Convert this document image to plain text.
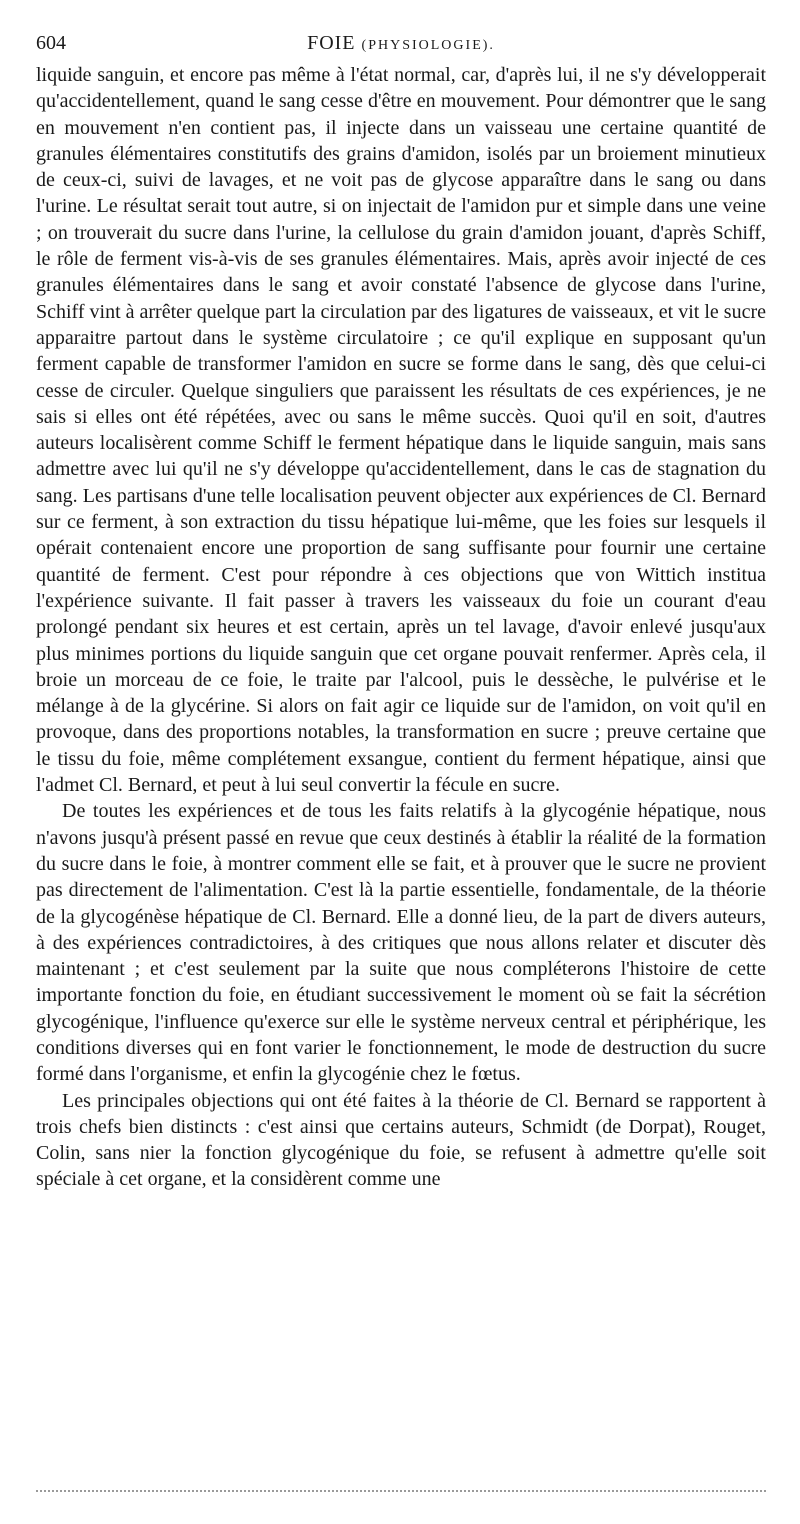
604	FOIE (PHYSIOLOGIE).

liquide sanguin, et encore pas même à l'état normal, car, d'après lui, il ne s'y développerait qu'accidentellement, quand le sang cesse d'être en mouvement. Pour démontrer que le sang en mouvement n'en contient pas, il injecte dans un vaisseau une certaine quantité de granules élémentaires constitutifs des grains d'amidon, isolés par un broiement minutieux de ceux-ci, suivi de lavages, et ne voit pas de glycose apparaître dans le sang ou dans l'urine. Le résultat serait tout autre, si on injectait de l'amidon pur et simple dans une veine ; on trouverait du sucre dans l'urine, la cellulose du grain d'amidon jouant, d'après Schiff, le rôle de ferment vis-à-vis de ses granules élémentaires. Mais, après avoir injecté de ces granules élémentaires dans le sang et avoir constaté l'absence de glycose dans l'urine, Schiff vint à arrêter quelque part la circulation par des ligatures de vaisseaux, et vit le sucre apparaitre partout dans le système circulatoire ; ce qu'il explique en supposant qu'un ferment capable de transformer l'amidon en sucre se forme dans le sang, dès que celui-ci cesse de circuler. Quelque singuliers que paraissent les résultats de ces expériences, je ne sais si elles ont été répétées, avec ou sans le même succès. Quoi qu'il en soit, d'autres auteurs localisèrent comme Schiff le ferment hépatique dans le liquide sanguin, mais sans admettre avec lui qu'il ne s'y développe qu'accidentellement, dans le cas de stagnation du sang. Les partisans d'une telle localisation peuvent objecter aux expériences de Cl. Bernard sur ce ferment, à son extraction du tissu hépatique lui-même, que les foies sur lesquels il opérait contenaient encore une proportion de sang suffisante pour fournir une certaine quantité de ferment. C'est pour répondre à ces objections que von Wittich institua l'expérience suivante. Il fait passer à travers les vaisseaux du foie un courant d'eau prolongé pendant six heures et est certain, après un tel lavage, d'avoir enlevé jusqu'aux plus minimes portions du liquide sanguin que cet organe pouvait renfermer. Après cela, il broie un morceau de ce foie, le traite par l'alcool, puis le dessèche, le pulvérise et le mélange à de la glycérine. Si alors on fait agir ce liquide sur de l'amidon, on voit qu'il en provoque, dans des proportions notables, la transformation en sucre ; preuve certaine que le tissu du foie, même complétement exsangue, contient du ferment hépatique, ainsi que l'admet Cl. Bernard, et peut à lui seul convertir la fécule en sucre.

De toutes les expériences et de tous les faits relatifs à la glycogénie hépatique, nous n'avons jusqu'à présent passé en revue que ceux destinés à établir la réalité de la formation du sucre dans le foie, à montrer comment elle se fait, et à prouver que le sucre ne provient pas directement de l'alimentation. C'est là la partie essentielle, fondamentale, de la théorie de la glycogénèse hépatique de Cl. Bernard. Elle a donné lieu, de la part de divers auteurs, à des expériences contradictoires, à des critiques que nous allons relater et discuter dès maintenant ; et c'est seulement par la suite que nous compléterons l'histoire de cette importante fonction du foie, en étudiant successivement le moment où se fait la sécrétion glycogénique, l'influence qu'exerce sur elle le système nerveux central et périphérique, les conditions diverses qui en font varier le fonctionnement, le mode de destruction du sucre formé dans l'organisme, et enfin la glycogénie chez le fœtus.

Les principales objections qui ont été faites à la théorie de Cl. Bernard se rapportent à trois chefs bien distincts : c'est ainsi que certains auteurs, Schmidt (de Dorpat), Rouget, Colin, sans nier la fonction glycogénique du foie, se refusent à admettre qu'elle soit spéciale à cet organe, et la considèrent comme une
